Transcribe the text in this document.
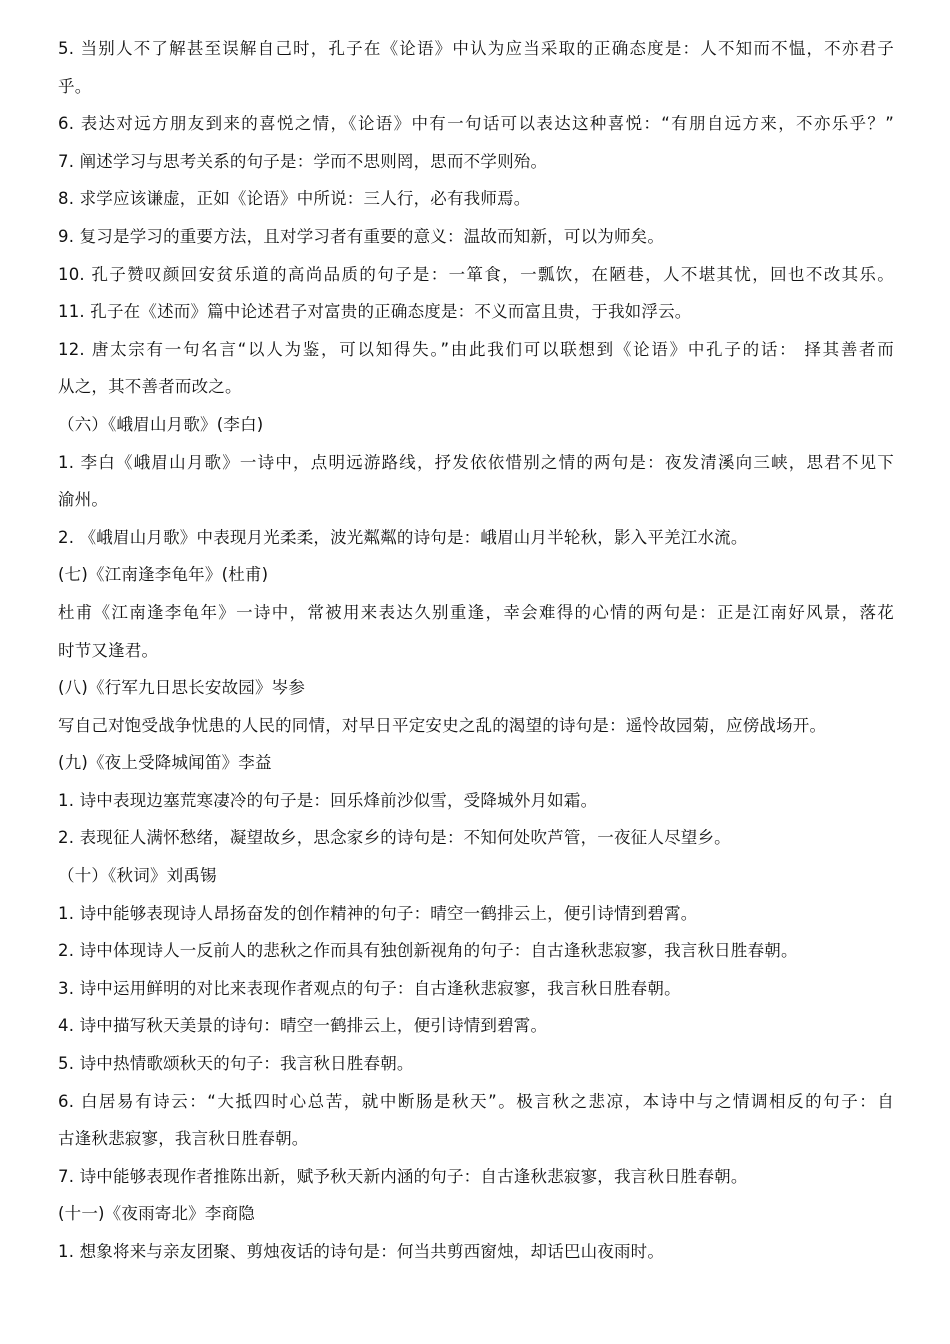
5. 当别人不了解甚至误解自己时，孔子在《论语》中认为应当采取的正确态度是：人不知而不愠，不亦君子
乎。
6. 表达对远方朋友到来的喜悦之情，《论语》中有一句话可以表达这种喜悦：“有朋自远方来，不亦乐乎？”
7. 阐述学习与思考关系的句子是：学而不思则罔，思而不学则殆。
8. 求学应该谦虚，正如《论语》中所说：三人行，必有我师焉。
9. 复习是学习的重要方法，且对学习者有重要的意义：温故而知新，可以为师矣。
10. 孔子赞叹颜回安贫乐道的高尚品质的句子是：一箪食，一瓢饮，在陋巷，人不堪其忧，回也不改其乐。
11. 孔子在《述而》篇中论述君子对富贵的正确态度是：不义而富且贵，于我如浮云。
12. 唐太宗有一句名言“以人为鉴，可以知得失。”由此我们可以联想到《论语》中孔子的话： 择其善者而
从之，其不善者而改之。
（六）《峨眉山月歌》(李白)
1. 李白《峨眉山月歌》一诗中，点明远游路线，抒发依依惜别之情的两句是：夜发清溪向三峡，思君不见下
渝州。
2. 《峨眉山月歌》中表现月光柔柔，波光粼粼的诗句是：峨眉山月半轮秋，影入平羌江水流。
(七)《江南逢李龟年》(杜甫)
杜甫《江南逢李龟年》一诗中，常被用来表达久别重逢，幸会难得的心情的两句是：正是江南好风景，落花
时节又逢君。
(八)《行军九日思长安故园》岑参
写自己对饱受战争忧患的人民的同情，对早日平定安史之乱的渴望的诗句是：遥怜故园菊，应傍战场开。
(九)《夜上受降城闻笛》李益
1. 诗中表现边塞荒寒凄冷的句子是：回乐烽前沙似雪，受降城外月如霜。
2. 表现征人满怀愁绪，凝望故乡，思念家乡的诗句是：不知何处吹芦管，一夜征人尽望乡。
（十）《秋词》刘禹锡
1. 诗中能够表现诗人昂扬奋发的创作精神的句子：晴空一鹤排云上，便引诗情到碧霄。
2. 诗中体现诗人一反前人的悲秋之作而具有独创新视角的句子：自古逢秋悲寂寥，我言秋日胜春朝。
3. 诗中运用鲜明的对比来表现作者观点的句子：自古逢秋悲寂寥，我言秋日胜春朝。
4. 诗中描写秋天美景的诗句：晴空一鹤排云上，便引诗情到碧霄。
5. 诗中热情歌颂秋天的句子：我言秋日胜春朝。
6. 白居易有诗云：“大抵四时心总苦，就中断肠是秋天”。极言秋之悲凉，本诗中与之情调相反的句子：自
古逢秋悲寂寥，我言秋日胜春朝。
7. 诗中能够表现作者推陈出新，赋予秋天新内涵的句子：自古逢秋悲寂寥，我言秋日胜春朝。
(十一)《夜雨寄北》李商隐
1. 想象将来与亲友团聚、剪烛夜话的诗句是：何当共剪西窗烛，却话巴山夜雨时。
